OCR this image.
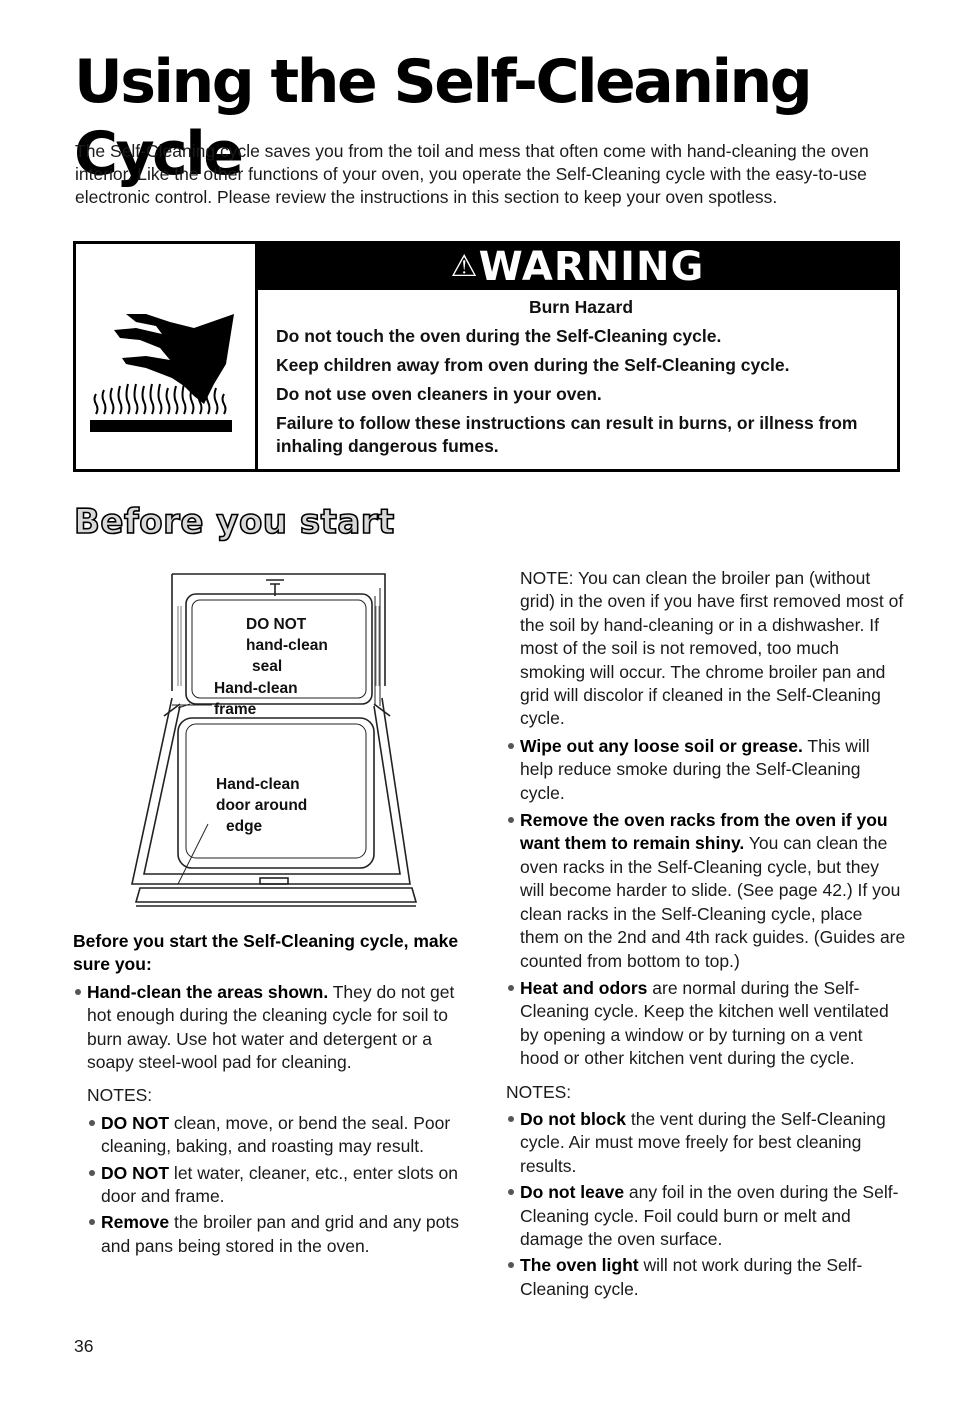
Using the Self-Cleaning Cycle

The Self-Cleaning cycle saves you from the toil and mess that often come with hand-cleaning the oven interior. Like the other functions of your oven, you operate the Self-Cleaning cycle with the easy-to-use electronic control. Please review the instructions in this section to keep your oven spotless.

⚠WARNING
Burn Hazard
Do not touch the oven during the Self-Cleaning cycle.
Keep children away from oven during the Self-Cleaning cycle.
Do not use oven cleaners in your oven.
Failure to follow these instructions can result in burns, or illness from inhaling dangerous fumes.
Before you start
DO NOT
hand-clean
seal
Hand-clean
frame
Hand-clean
door around
edge

Before you start the Self-Cleaning cycle, make sure you:

Hand-clean the areas shown. They do not get hot enough during the cleaning cycle for soil to burn away. Use hot water and detergent or a soapy steel-wool pad for cleaning.

NOTES:

DO NOT clean, move, or bend the seal. Poor cleaning, baking, and roasting may result.

DO NOT let water, cleaner, etc., enter slots on door and frame.

Remove the broiler pan and grid and any pots and pans being stored in the oven.

NOTE: You can clean the broiler pan (without grid) in the oven if you have first removed most of the soil by hand-cleaning or in a dishwasher. If most of the soil is not removed, too much smoking will occur. The chrome broiler pan and grid will discolor if cleaned in the Self-Cleaning cycle.

Wipe out any loose soil or grease. This will help reduce smoke during the Self-Cleaning cycle.

Remove the oven racks from the oven if you want them to remain shiny. You can clean the oven racks in the Self-Cleaning cycle, but they will become harder to slide. (See page 42.) If you clean racks in the Self-Cleaning cycle, place them on the 2nd and 4th rack guides. (Guides are counted from bottom to top.)

Heat and odors are normal during the Self-Cleaning cycle. Keep the kitchen well ventilated by opening a window or by turning on a vent hood or other kitchen vent during the cycle.

NOTES:

Do not block the vent during the Self-Cleaning cycle. Air must move freely for best cleaning results.

Do not leave any foil in the oven during the Self-Cleaning cycle. Foil could burn or melt and damage the oven surface.

The oven light will not work during the Self-Cleaning cycle.

36
